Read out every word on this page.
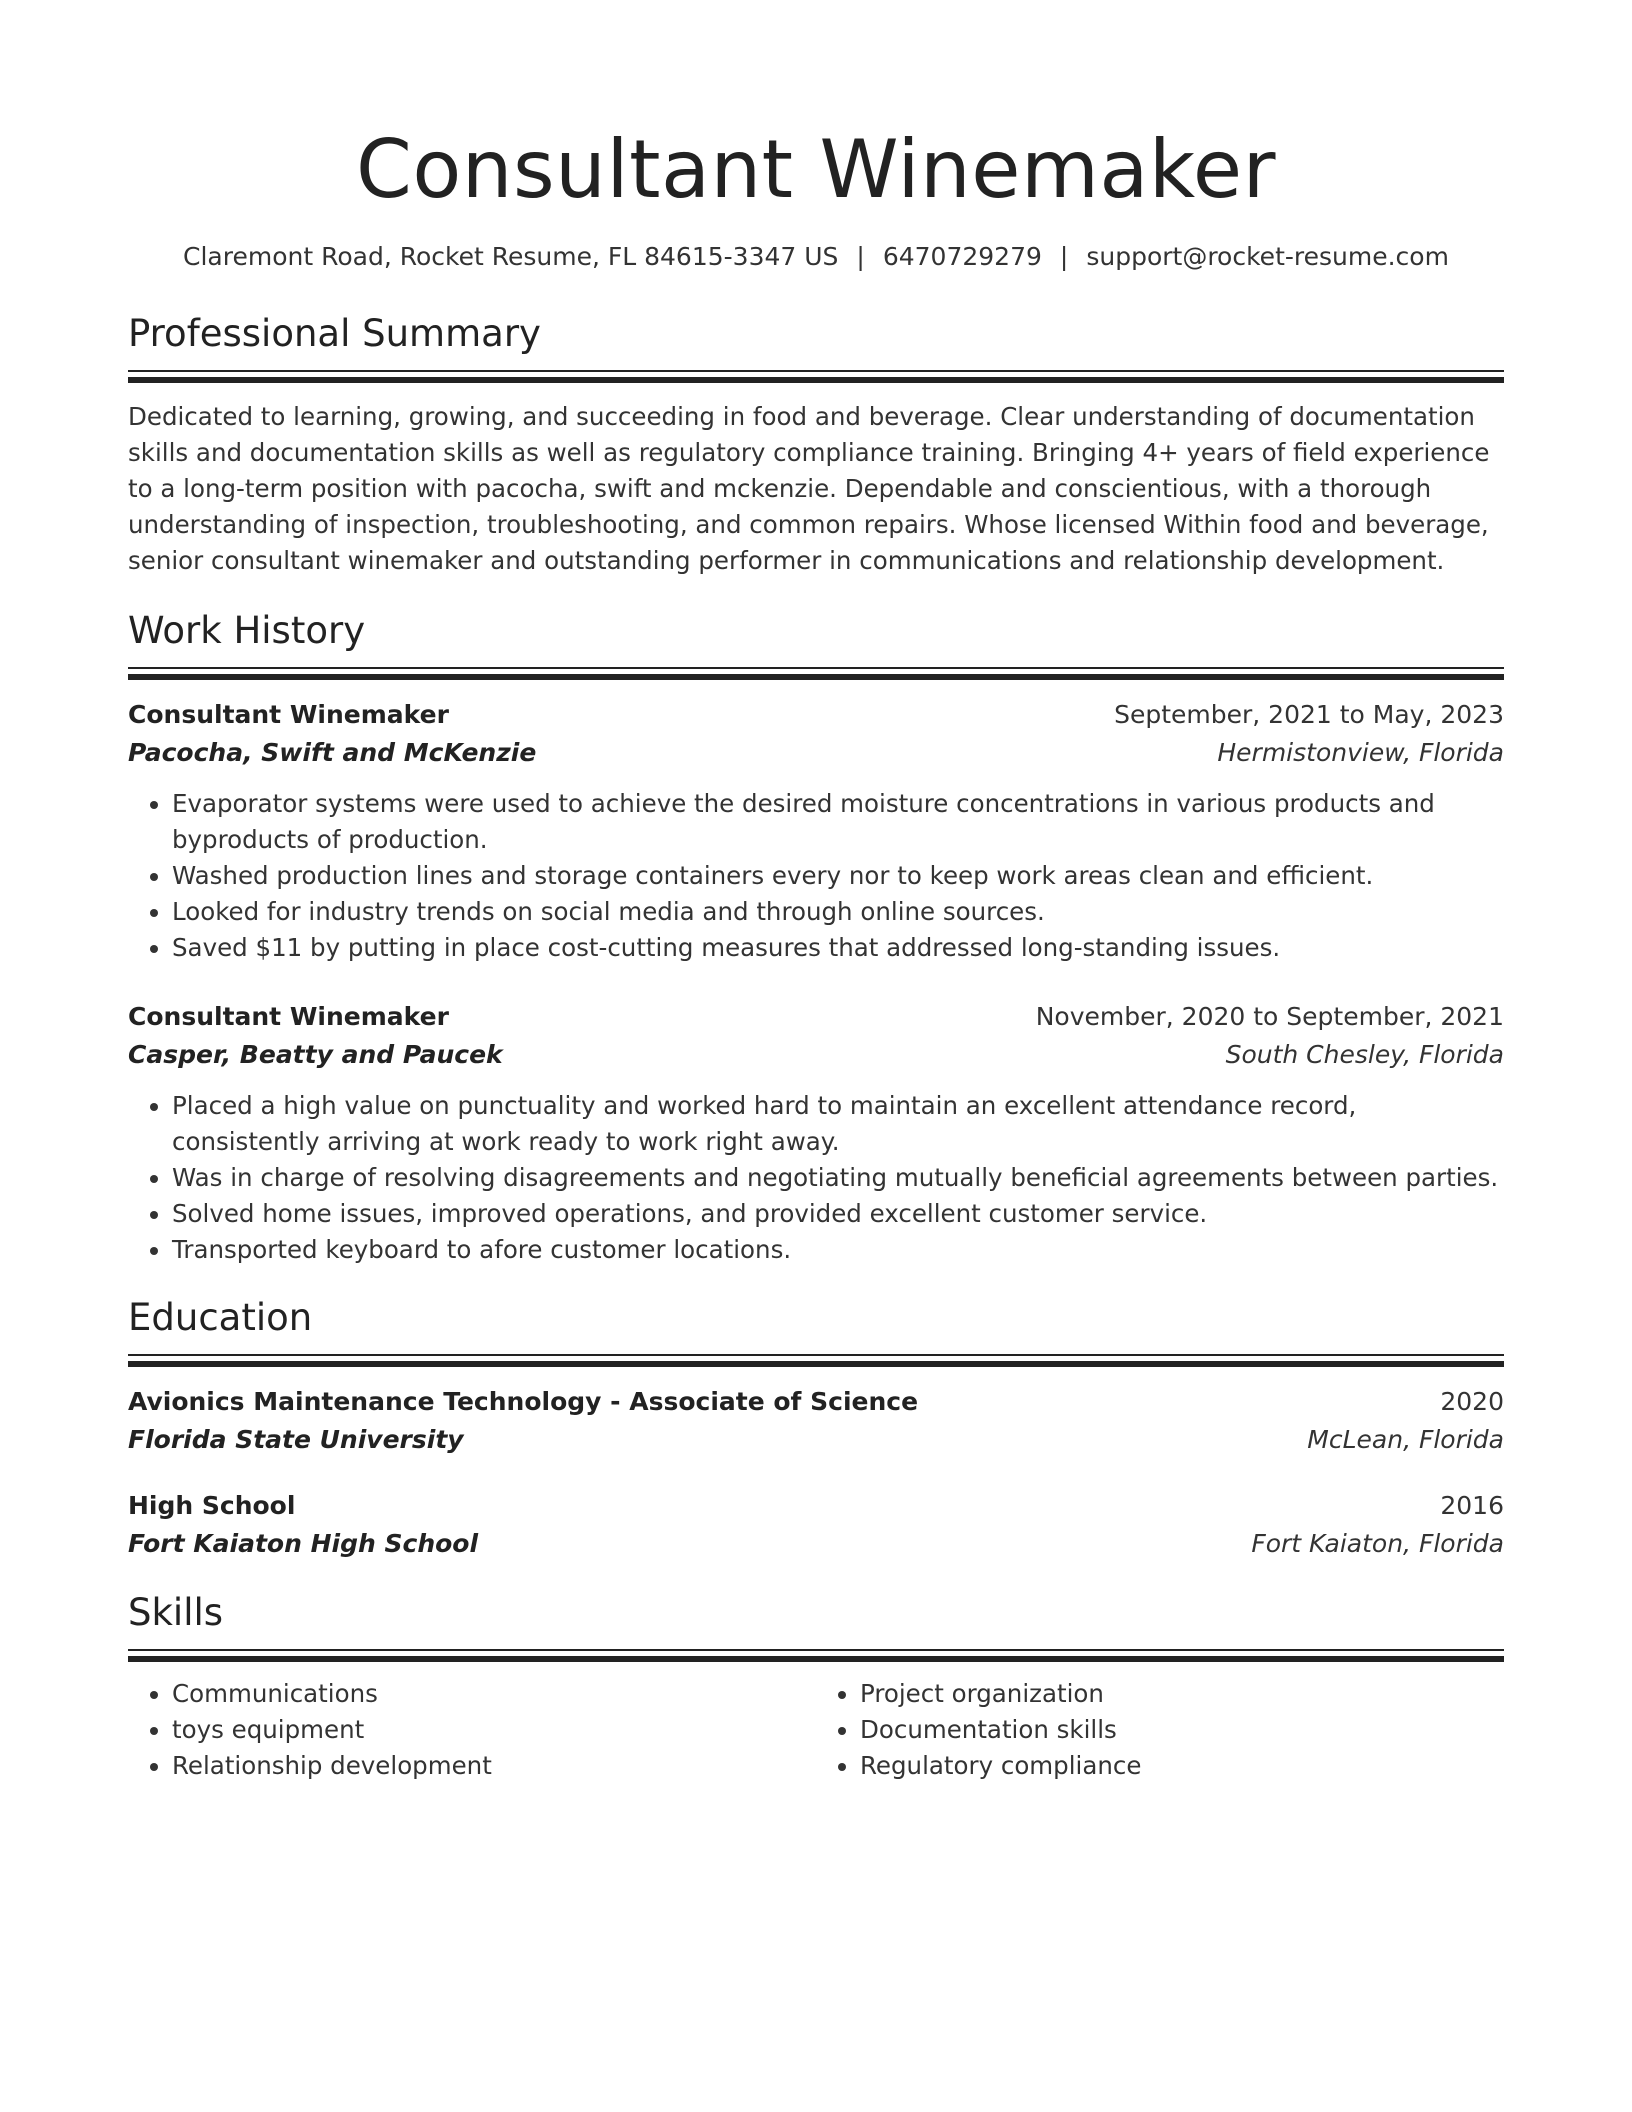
Consultant Winemaker
Claremont Road, Rocket Resume, FL 84615-3347 US | 6470729279 | support@rocket-resume.com
Professional Summary
Dedicated to learning, growing, and succeeding in food and beverage. Clear understanding of documentation skills and documentation skills as well as regulatory compliance training. Bringing 4+ years of field experience to a long-term position with pacocha, swift and mckenzie. Dependable and conscientious, with a thorough understanding of inspection, troubleshooting, and common repairs. Whose licensed Within food and beverage, senior consultant winemaker and outstanding performer in communications and relationship development.
Work History
Consultant Winemaker	September, 2021 to May, 2023
Pacocha, Swift and McKenzie	Hermistonview, Florida
• Evaporator systems were used to achieve the desired moisture concentrations in various products and byproducts of production.
• Washed production lines and storage containers every nor to keep work areas clean and efficient.
• Looked for industry trends on social media and through online sources.
• Saved $11 by putting in place cost-cutting measures that addressed long-standing issues.
Consultant Winemaker	November, 2020 to September, 2021
Casper, Beatty and Paucek	South Chesley, Florida
• Placed a high value on punctuality and worked hard to maintain an excellent attendance record, consistently arriving at work ready to work right away.
• Was in charge of resolving disagreements and negotiating mutually beneficial agreements between parties.
• Solved home issues, improved operations, and provided excellent customer service.
• Transported keyboard to afore customer locations.
Education
Avionics Maintenance Technology - Associate of Science	2020
Florida State University	McLean, Florida
High School	2016
Fort Kaiaton High School	Fort Kaiaton, Florida
Skills
• Communications
• toys equipment
• Relationship development
• Project organization
• Documentation skills
• Regulatory compliance
